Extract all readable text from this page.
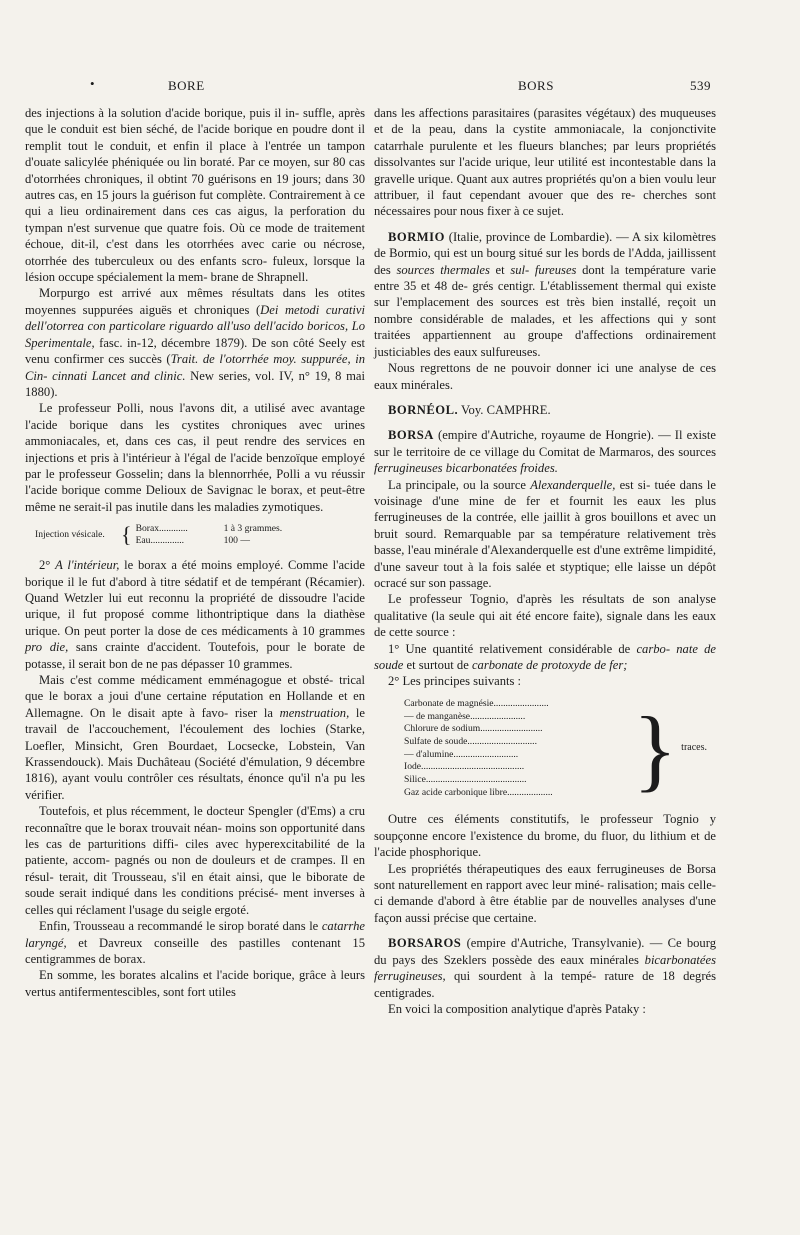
•	BORE	BORS	539

des injections à la solution d'acide borique, puis il in- suffle, après que le conduit est bien séché, de l'acide borique en poudre dont il remplit tout le conduit, et enfin il place à l'entrée un tampon d'ouate salicylée phéniquée ou lin boraté. Par ce moyen, sur 80 cas d'otorrhées chroniques, il obtint 70 guérisons en 19 jours; dans 30 autres cas, en 15 jours la guérison fut complète. Contrairement à ce qui a lieu ordinairement dans ces cas aigus, la perforation du tympan n'est survenue que quatre fois. Où ce mode de traitement échoue, dit-il, c'est dans les otorrhées avec carie ou nécrose, otorrhée des tuberculeux ou des enfants scro- fuleux, lorsque la lésion occupe spécialement la mem- brane de Shrapnell.

Morpurgo est arrivé aux mêmes résultats dans les otites moyennes suppurées aiguës et chroniques (Dei metodi curativi dell'otorrea con particolare riguardo all'uso dell'acido boricos, Lo Sperimentale, fasc. in-12, décembre 1879). De son côté Seely est venu confirmer ces succès (Trait. de l'otorrhée moy. suppurée, in Cin- cinnati Lancet and clinic. New series, vol. IV, n° 19, 8 mai 1880).

Le professeur Polli, nous l'avons dit, a utilisé avec avantage l'acide borique dans les cystites chroniques avec urines ammoniacales, et, dans ces cas, il peut rendre des services en injections et pris à l'intérieur à l'égal de l'acide benzoïque employé par le professeur Gosselin; dans la blennorrhée, Polli a vu réussir l'acide borique comme Delioux de Savignac le borax, et peut-être même ne serait-il pas inutile dans les maladies zymotiques.

Injection vésicale. { Borax............	1 à 3 grammes.
Eau..............	100 —

2° A l'intérieur, le borax a été moins employé. Comme l'acide borique il le fut d'abord à titre sédatif et de tempérant (Récamier). Quand Wetzler lui eut reconnu la propriété de dissoudre l'acide urique, il fut proposé comme lithontriptique dans la diathèse urique. On peut porter la dose de ces médicaments à 10 grammes pro die, sans crainte d'accident. Toutefois, pour le borate de potasse, il serait bon de ne pas dépasser 10 grammes.

Mais c'est comme médicament emménagogue et obsté- trical que le borax a joui d'une certaine réputation en Hollande et en Allemagne. On le disait apte à favo- riser la menstruation, le travail de l'accouchement, l'écoulement des lochies (Starke, Loefler, Minsicht, Gren Bourdaet, Locsecke, Lobstein, Van Krassendouck). Mais Duchâteau (Société d'émulation, 9 décembre 1816), ayant voulu contrôler ces résultats, énonce qu'il n'a pu les vérifier.

Toutefois, et plus récemment, le docteur Spengler (d'Ems) a cru reconnaître que le borax trouvait néan- moins son opportunité dans les cas de parturitions diffi- ciles avec hyperexcitabilité de la patiente, accom- pagnés ou non de douleurs et de crampes. Il en résul- terait, dit Trousseau, s'il en était ainsi, que le biborate de soude serait indiqué dans les conditions précisé- ment inverses à celles qui réclament l'usage du seigle ergoté.

Enfin, Trousseau a recommandé le sirop boraté dans le catarrhe laryngé, et Davreux conseille des pastilles contenant 15 centigrammes de borax.

En somme, les borates alcalins et l'acide borique, grâce à leurs vertus antifermentescibles, sont fort utiles

dans les affections parasitaires (parasites végétaux) des muqueuses et de la peau, dans la cystite ammoniacale, la conjonctivite catarrhale purulente et les flueurs blanches; par leurs propriétés dissolvantes sur l'acide urique, leur utilité est incontestable dans la gravelle urique. Quant aux autres propriétés qu'on a bien voulu leur attribuer, il faut cependant avouer que des re- cherches sont nécessaires pour nous fixer à ce sujet.

BORMIO (Italie, province de Lombardie). — A six kilomètres de Bormio, qui est un bourg situé sur les bords de l'Adda, jaillissent des sources thermales et sul- fureuses dont la température varie entre 35 et 48 de- grés centigr. L'établissement thermal qui existe sur l'emplacement des sources est très bien installé, reçoit un nombre considérable de malades, et les affections qui y sont traitées appartiennent au groupe d'affections ordinairement justiciables des eaux sulfureuses.

Nous regrettons de ne pouvoir donner ici une analyse de ces eaux minérales.

BORNÉOL. Voy. CAMPHRE.

BORSA (empire d'Autriche, royaume de Hongrie). — Il existe sur le territoire de ce village du Comitat de Marmaros, des sources ferrugineuses bicarbonatées froides.

La principale, ou la source Alexanderquelle, est si- tuée dans le voisinage d'une mine de fer et fournit les eaux les plus ferrugineuses de la contrée, elle jaillit à gros bouillons et avec un bruit sourd. Remarquable par sa température relativement très basse, l'eau minérale d'Alexanderquelle est d'une extrême limpidité, d'une saveur tout à la fois salée et styptique; elle laisse un dépôt ocracé sur son passage.

Le professeur Tognio, d'après les résultats de son analyse qualitative (la seule qui ait été encore faite), signale dans les eaux de cette source :

1° Une quantité relativement considérable de carbo- nate de soude et surtout de carbonate de protoxyde de fer;

2° Les principes suivants :

Carbonate de magnésie.......................
— de manganèse.......................
Chlorure de sodium..........................
Sulfate de soude.............................
— d'alumine...........................
Iode...........................................
Silice..........................................
Gaz acide carbonique libre................... } traces.

Outre ces éléments constitutifs, le professeur Tognio y soupçonne encore l'existence du brome, du fluor, du lithium et de l'acide phosphorique.

Les propriétés thérapeutiques des eaux ferrugineuses de Borsa sont naturellement en rapport avec leur miné- ralisation; mais celle-ci demande d'abord à être établie par de nouvelles analyses d'une façon aussi précise que certaine.

BORSAROS (empire d'Autriche, Transylvanie). — Ce bourg du pays des Szeklers possède des eaux minérales bicarbonatées ferrugineuses, qui sourdent à la tempé- rature de 18 degrés centigrades.

En voici la composition analytique d'après Pataky :
